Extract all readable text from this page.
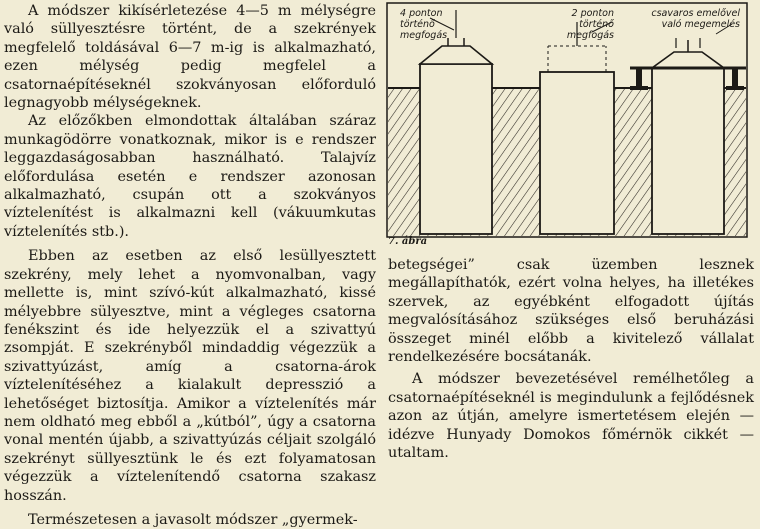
A módszer kikísérletezése 4—5 m mélységre való süllyesztésre történt, de a szekrények megfelelő toldásával 6—7 m-ig is alkalmazható, ezen mélység pedig megfelel a csatornaépítéseknél szokványosan előforduló legnagyobb mélységeknek.

Az előzőkben elmondottak általában száraz munkagödörre vonatkoznak, mikor is e rendszer leggazdaságosabban használható. Talajvíz előfordulása esetén e rendszer azonosan alkalmazható, csupán ott a szokványos víztelenítést is alkalmazni kell (vákuumkutas víztelenítés stb.).

Ebben az esetben az első lesüllyesztett szekrény, mely lehet a nyomvonalban, vagy mellette is, mint szívó-kút alkalmazható, kissé mélyebbre sülyesztve, mint a végleges csatorna fenékszint és ide helyezzük el a szivattyú zsompját. E szekrényből mindaddig végezzük a szivattyúzást, amíg a csatorna-árok víztelenítéséhez a kialakult depresszió a lehetőséget biztosítja. Amikor a víztelenítés már nem oldható meg ebből a „kútból”, úgy a csatorna vonal mentén újabb, a szivattyúzás céljait szolgáló szekrényt süllyesztünk le és ezt folyamatosan végezzük a víztelenítendő csatorna szakasz hosszán.

Természetesen a javasolt módszer „gyermek-

4 ponton történő megfogás
2 ponton történő megfogás
csavaros emelővel való megemelés
7. ábra

betegségei” csak üzemben lesznek megállapíthatók, ezért volna helyes, ha illetékes szervek, az egyébként elfogadott újítás megvalósításához szükséges első beruházási összeget minél előbb a kivitelező vállalat rendelkezésére bocsátanák.

A módszer bevezetésével remélhetőleg a csatornaépítéseknél is megindulunk a fejlődésnek azon az útján, amelyre ismertetésem elején — idézve Hunyady Domokos főmérnök cikkét — utaltam.
